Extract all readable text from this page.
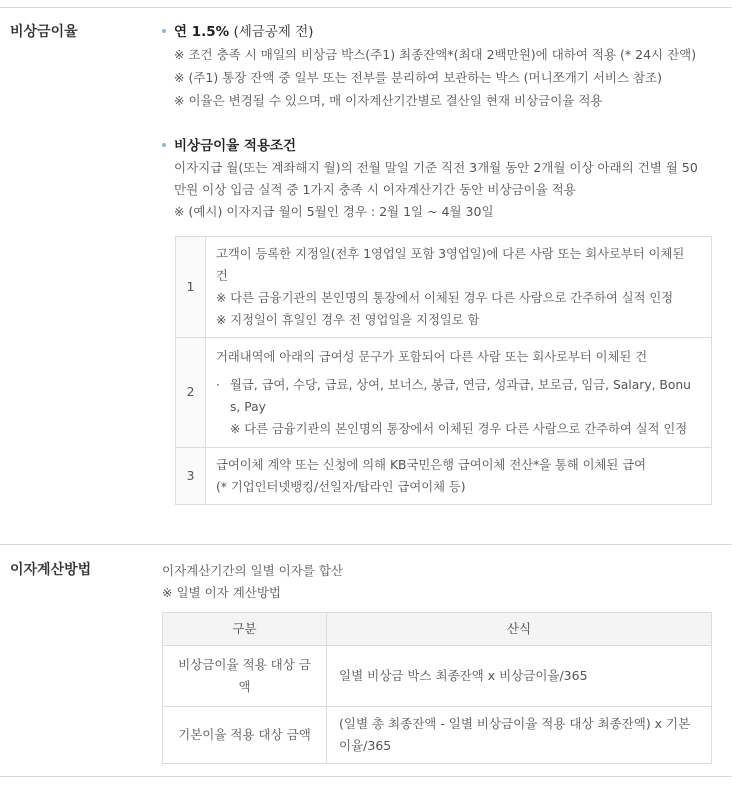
비상금이율	연 1.5% (세금공제 전)
※ 조건 충족 시 매일의 비상금 박스(주1) 최종잔액*(최대 2백만원)에 대하여 적용 (* 24시 잔액)
※ (주1) 통장 잔액 중 일부 또는 전부를 분리하여 보관하는 박스 (머니쪼개기 서비스 참조)
※ 이율은 변경될 수 있으며, 매 이자계산기간별로 결산일 현재 비상금이율 적용
비상금이율 적용조건
이자지급 월(또는 계좌해지 월)의 전월 말일 기준 직전 3개월 동안 2개월 이상 아래의 건별 월 50
만원 이상 입금 실적 중 1가지 충족 시 이자계산기간 동안 비상금이율 적용
※ (예시) 이자지급 월이 5월인 경우 : 2월 1일 ~ 4월 30일
1	고객이 등록한 지정일(전후 1영업일 포함 3영업일)에 다른 사람 또는 회사로부터 이체된
건
※ 다른 금융기관의 본인명의 통장에서 이체된 경우 다른 사람으로 간주하여 실적 인정
※ 지정일이 휴일인 경우 전 영업일을 지정일로 함

2	거래내역에 아래의 급여성 문구가 포함되어 다른 사람 또는 회사로부터 이체된 건
· 월급, 급여, 수당, 급료, 상여, 보너스, 봉급, 연금, 성과급, 보로금, 임금, Salary, Bonu
s, Pay
※ 다른 금융기관의 본인명의 통장에서 이체된 경우 다른 사람으로 간주하여 실적 인정

3	급여이체 계약 또는 신청에 의해 KB국민은행 급여이체 전산*을 통해 이체된 급여
(* 기업인터넷뱅킹/선일자/탑라인 급여이체 등)
이자계산방법	이자계산기간의 일별 이자를 합산
※ 일별 이자 계산방법
구분	산식

비상금이율 적용 대상 금
액	일별 비상금 박스 최종잔액 x 비상금이율/365

기본이율 적용 대상 금액	(일별 총 최종잔액 - 일별 비상금이율 적용 대상 최종잔액) x 기본
이율/365
